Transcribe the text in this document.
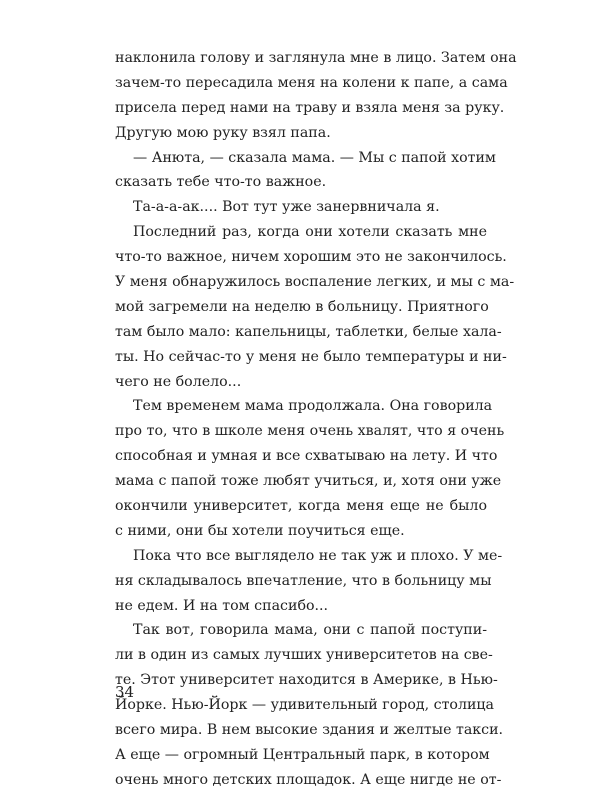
наклонила голову и заглянула мне в лицо. Затем она
зачем-то пересадила меня на колени к папе, а сама
присела перед нами на траву и взяла меня за руку.
Другую мою руку взял папа.
— Анюта, — сказала мама. — Мы с папой хотим
сказать тебе что-то важное.
Та-а-а-ак.... Вот тут уже занервничала я.
Последний раз, когда они хотели сказать мне
что-то важное, ничем хорошим это не закончилось.
У меня обнаружилось воспаление легких, и мы с ма-
мой загремели на неделю в больницу. Приятного
там было мало: капельницы, таблетки, белые хала-
ты. Но сейчас-то у меня не было температуры и ни-
чего не болело...
Тем временем мама продолжала. Она говорила
про то, что в школе меня очень хвалят, что я очень
способная и умная и все схватываю на лету. И что
мама с папой тоже любят учиться, и, хотя они уже
окончили университет, когда меня еще не было
с ними, они бы хотели поучиться еще.
Пока что все выглядело не так уж и плохо. У ме-
ня складывалось впечатление, что в больницу мы
не едем. И на том спасибо...
Так вот, говорила мама, они с папой поступи-
ли в один из самых лучших университетов на све-
те. Этот университет находится в Америке, в Нью-
Йорке. Нью-Йорк — удивительный город, столица
всего мира. В нем высокие здания и желтые такси.
А еще — огромный Центральный парк, в котором
очень много детских площадок. А еще нигде не от-
34
